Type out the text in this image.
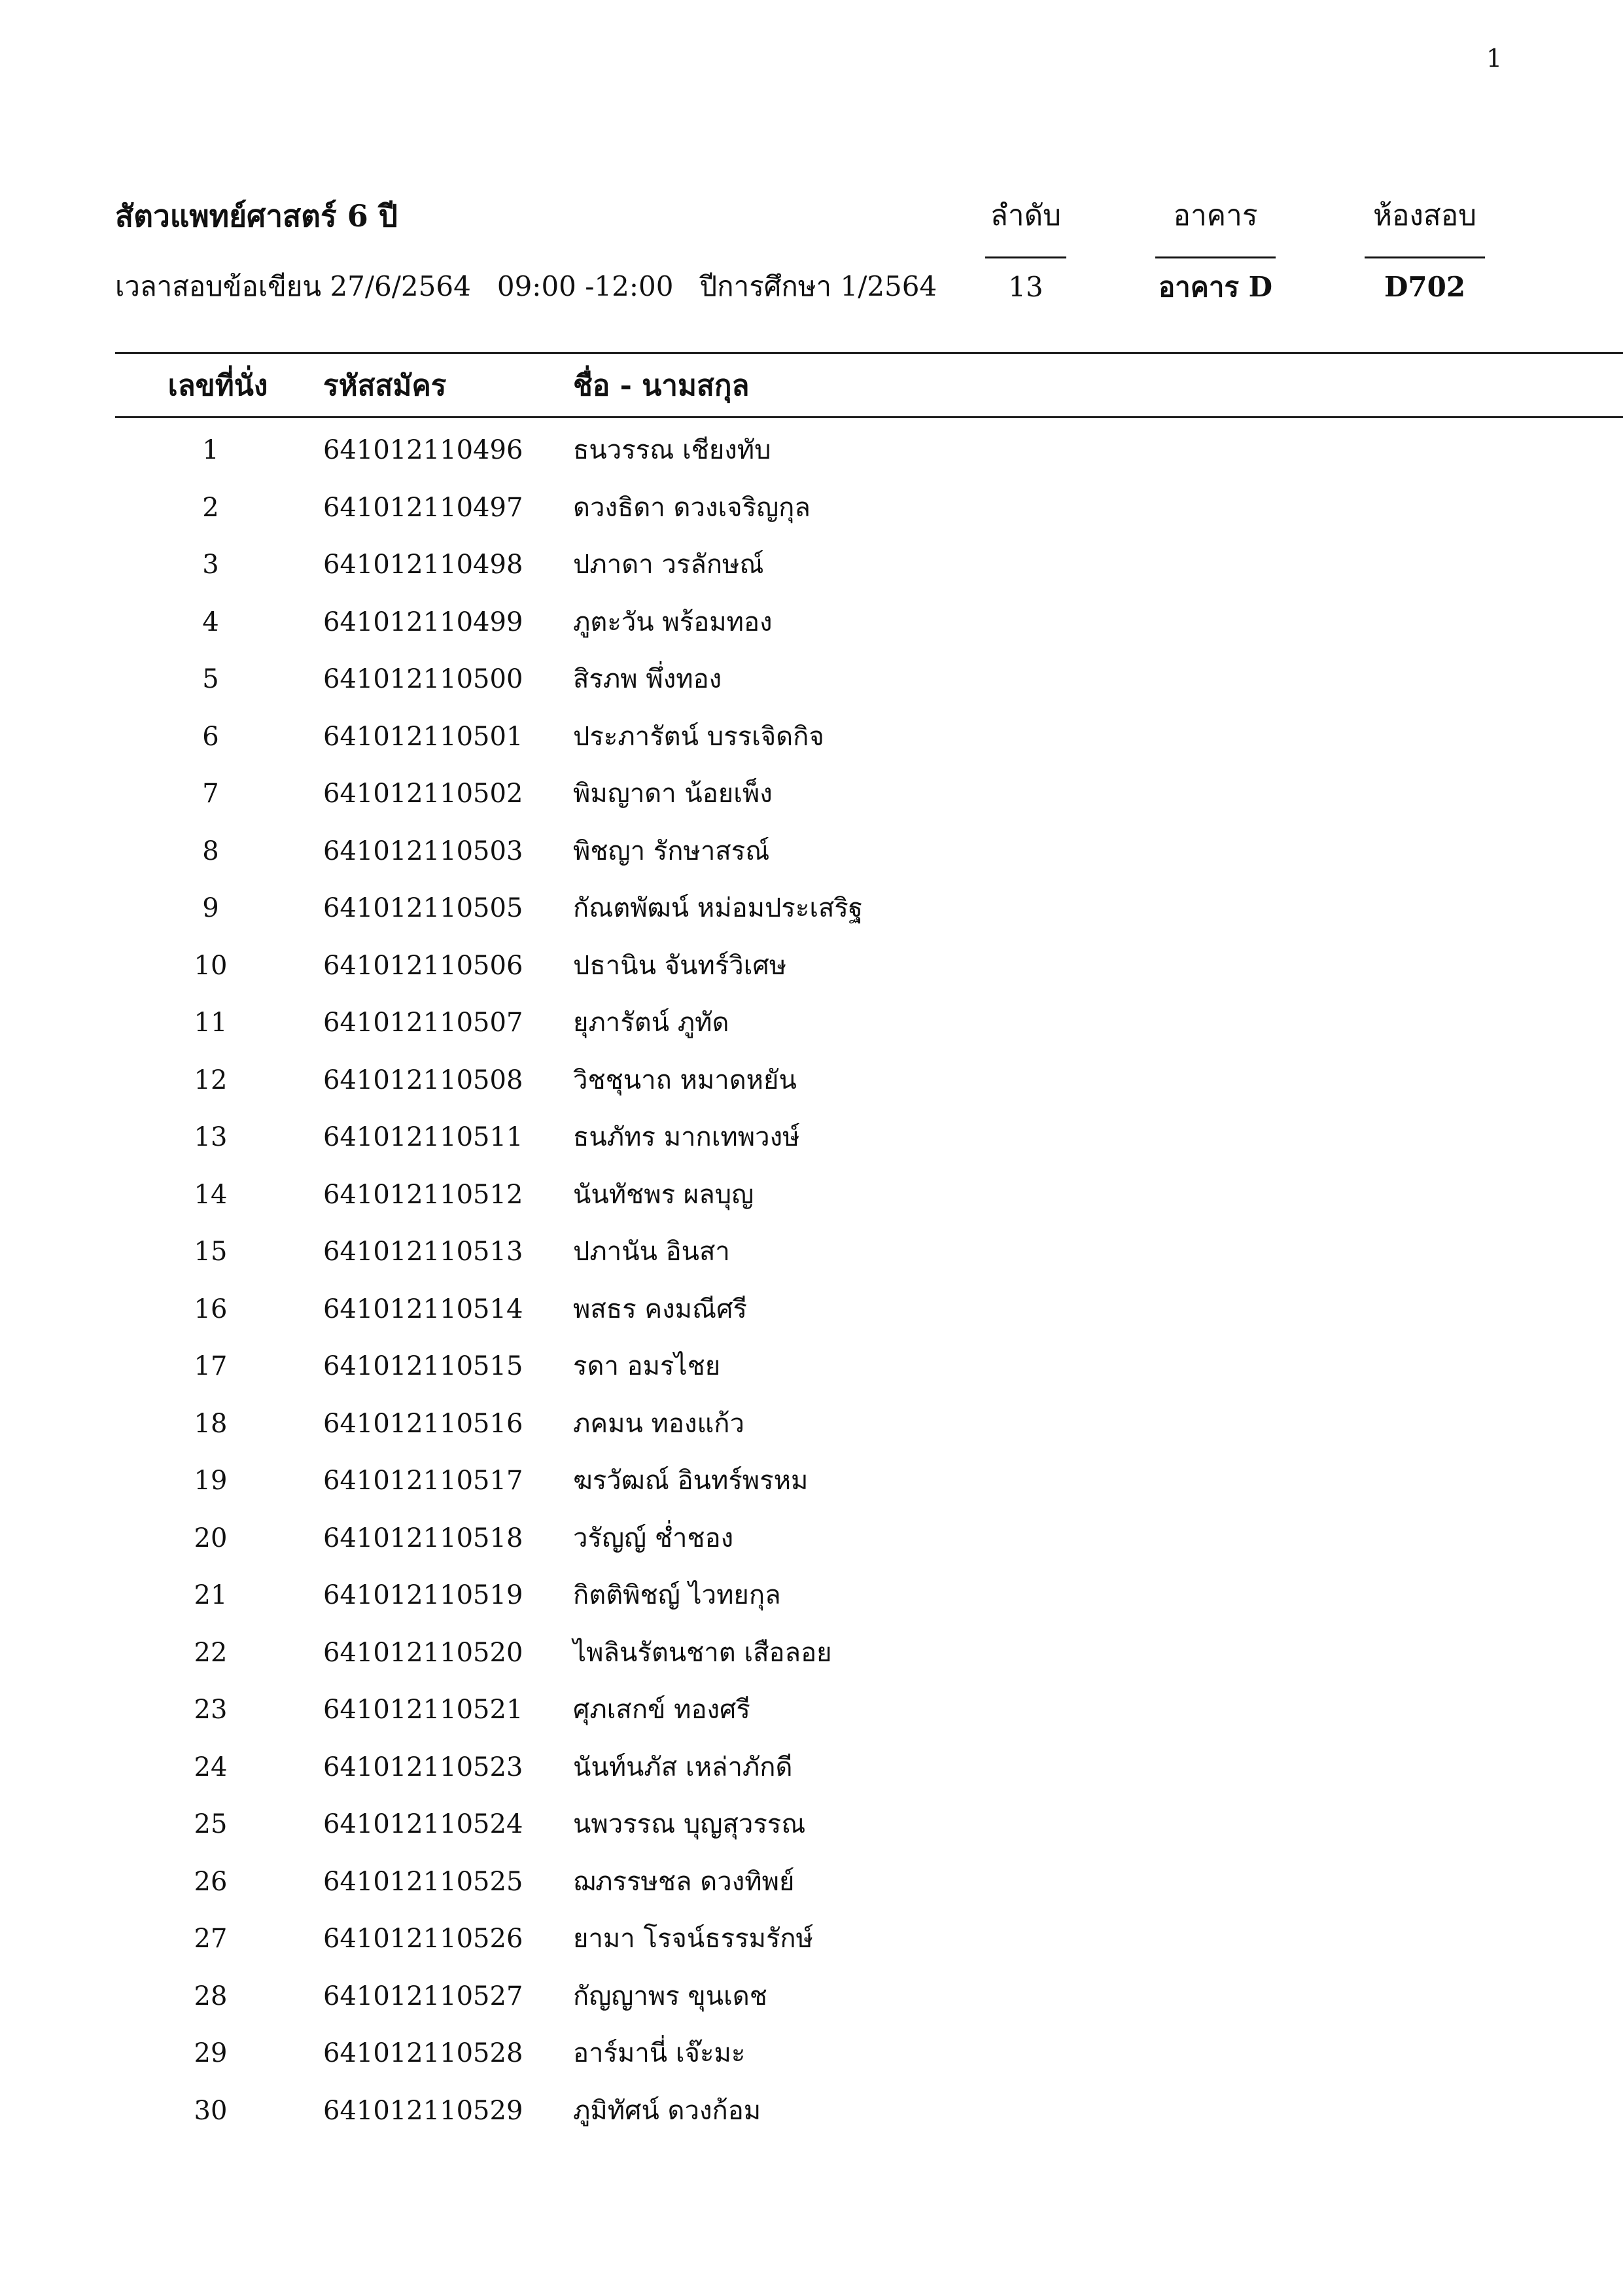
1
สัตวแพทย์ศาสตร์ 6 ปี
เวลาสอบข้อเขียน 27/6/2564   09:00 -12:00   ปีการศึกษา 1/2564
ลำดับ
13
อาคาร
อาคาร D
ห้องสอบ
D702
เลขที่นั่ง รหัสสมัคร	ชื่อ - นามสกุล
1	641012110496 ธนวรรณ เชียงทับ
2	641012110497 ดวงธิดา ดวงเจริญกุล
3	641012110498 ปภาดา วรลักษณ์
4	641012110499 ภูตะวัน พร้อมทอง
5	641012110500 สิรภพ พึ่งทอง
6	641012110501 ประภารัตน์ บรรเจิดกิจ
7	641012110502 พิมญาดา น้อยเพ็ง
8	641012110503 พิชญา รักษาสรณ์
9	641012110505 กัณตพัฒน์ หม่อมประเสริฐ
10	641012110506 ปธานิน จันทร์วิเศษ
11	641012110507 ยุภารัตน์ ภูทัด
12	641012110508 วิชชุนาถ หมาดหยัน
13	641012110511 ธนภัทร มากเทพวงษ์
14	641012110512 นันทัชพร ผลบุญ
15	641012110513 ปภานัน อินสา
16	641012110514 พสธร คงมณีศรี
17	641012110515 รดา อมรไชย
18	641012110516 ภคมน ทองแก้ว
19	641012110517 ฆรวัฒณ์ อินทร์พรหม
20	641012110518 วรัญญ์ ช่ำชอง
21	641012110519 กิตติพิชญ์ ไวทยกุล
22	641012110520 ไพลินรัตนชาต เสือลอย
23	641012110521 ศุภเสกข์ ทองศรี
24	641012110523 นันท์นภัส เหล่าภักดี
25	641012110524 นพวรรณ บุญสุวรรณ
26	641012110525 ฌภรรษชล ดวงทิพย์
27	641012110526 ยามา โรจน์ธรรมรักษ์
28	641012110527 กัญญาพร ขุนเดช
29	641012110528 อาร์มานี่ เจ๊ะมะ
30	641012110529 ภูมิทัศน์ ดวงก้อม
